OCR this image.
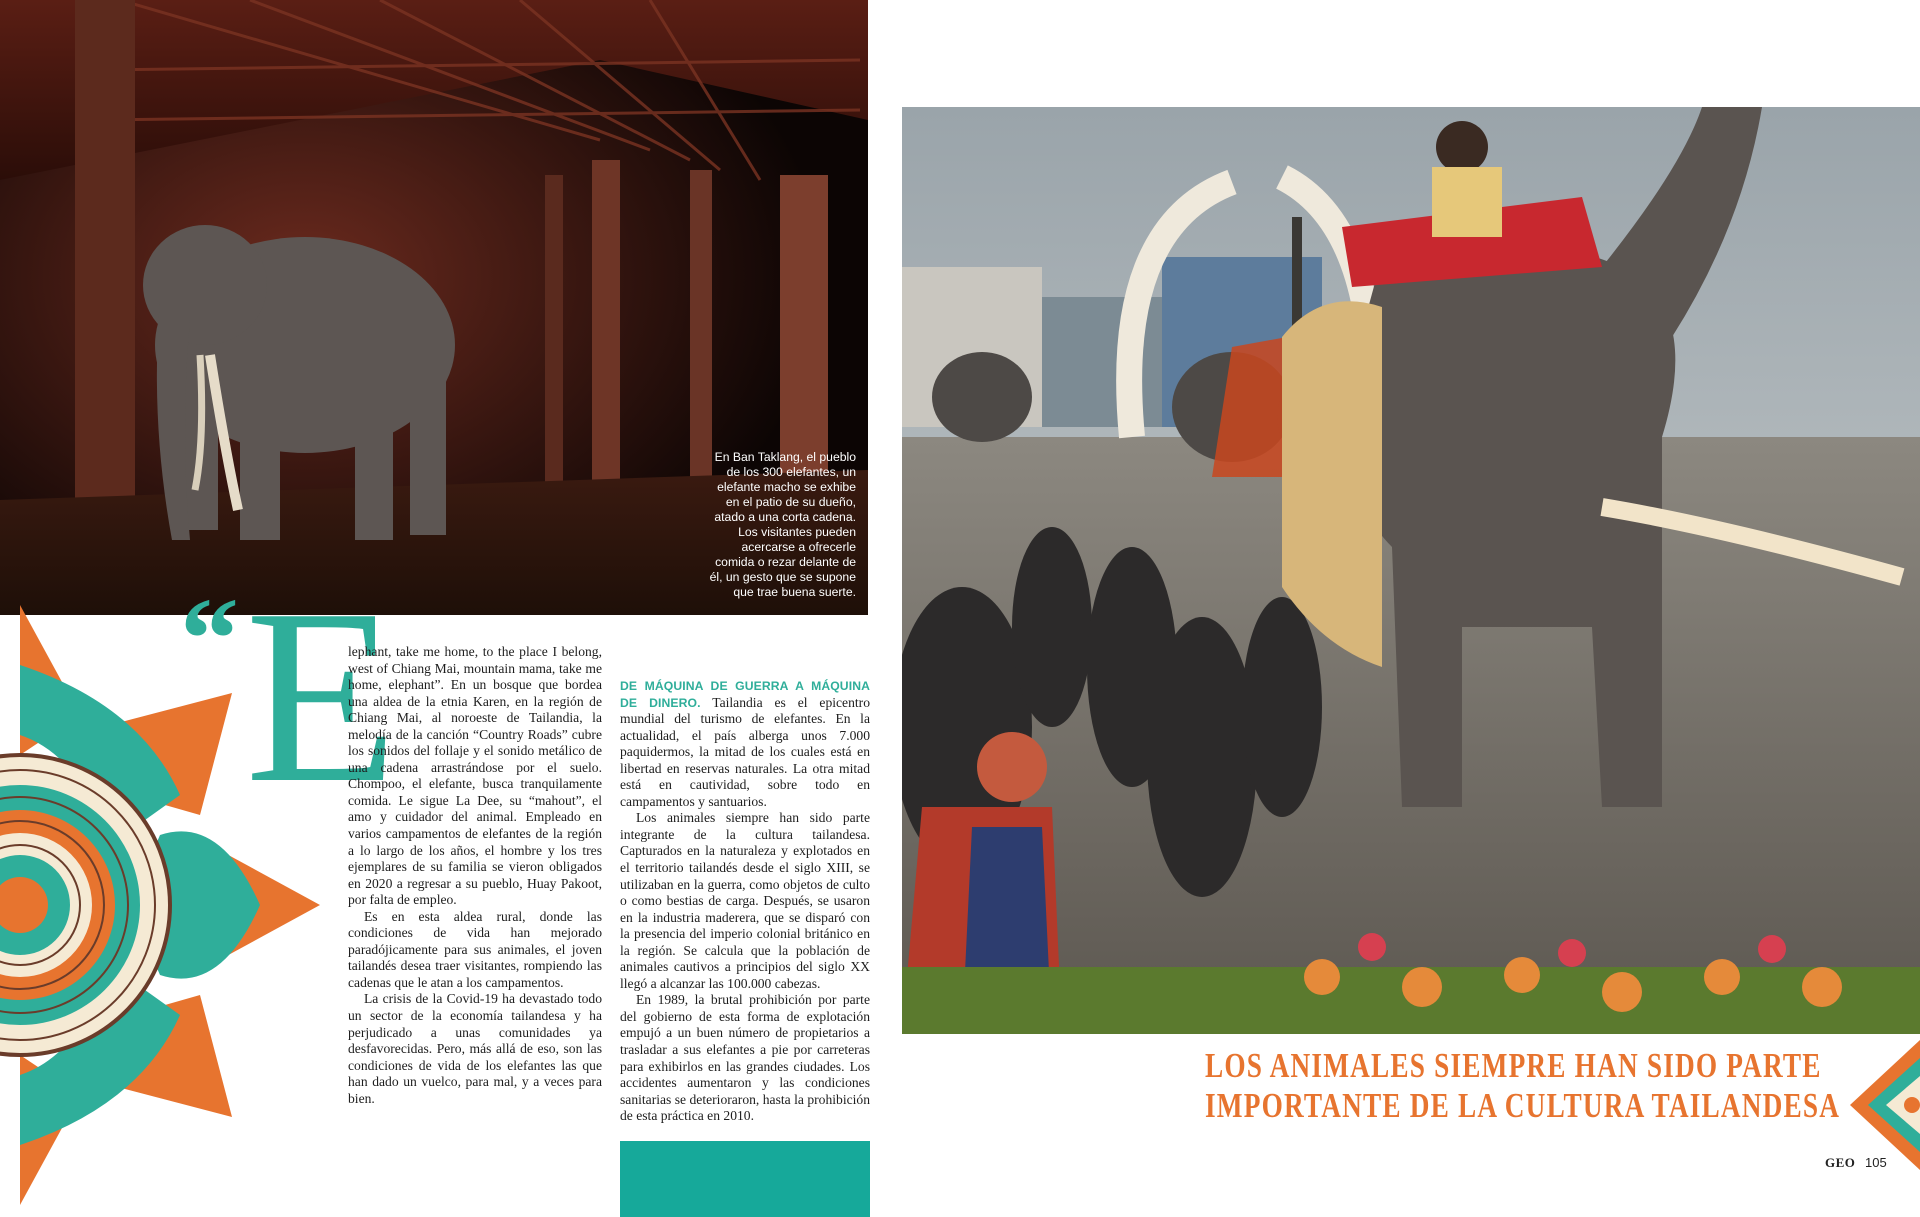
En Ban Taklang, el pueblo de los 300 elefantes, un elefante macho se exhibe en el patio de su dueño, atado a una corta cadena. Los visitantes pueden acercarse a ofrecerle comida o rezar delante de él, un gesto que se supone que trae buena suerte.
“ E

lephant, take me home, to the place I belong, west of Chiang Mai, mountain mama, take me home, elephant”. En un bosque que bordea una aldea de la etnia Karen, en la región de Chiang Mai, al noroeste de Tailandia, la melodía de la canción “Country Roads” cubre los sonidos del follaje y el sonido metálico de una cadena arrastrándose por el suelo. Chompoo, el elefante, busca tranquilamente comida. Le sigue La Dee, su “mahout”, el amo y cuidador del animal. Empleado en varios campamentos de elefantes de la región a lo largo de los años, el hombre y los tres ejemplares de su familia se vieron obligados en 2020 a regresar a su pueblo, Huay Pakoot, por falta de empleo.

Es en esta aldea rural, donde las condiciones de vida han mejorado paradójicamente para sus animales, el joven tailandés desea traer visitantes, rompiendo las cadenas que le atan a los campamentos.

La crisis de la Covid-19 ha devastado todo un sector de la economía tailandesa y ha perjudicado a unas comunidades ya desfavorecidas. Pero, más allá de eso, son las condiciones de vida de los elefantes las que han dado un vuelco, para mal, y a veces para bien.

DE MÁQUINA DE GUERRA A MÁQUINA DE DINERO. Tailandia es el epicentro mundial del turismo de elefantes. En la actualidad, el país alberga unos 7.000 paquidermos, la mitad de los cuales está en libertad en reservas naturales. La otra mitad está en cautividad, sobre todo en campamentos y santuarios.

Los animales siempre han sido parte integrante de la cultura tailandesa. Capturados en la naturaleza y explotados en el territorio tailandés desde el siglo XIII, se utilizaban en la guerra, como objetos de culto o como bestias de carga. Después, se usaron en la industria maderera, que se disparó con la presencia del imperio colonial británico en la región. Se calcula que la población de animales cautivos a principios del siglo XX llegó a alcanzar las 100.000 cabezas.

En 1989, la brutal prohibición por parte del gobierno de esta forma de explotación empujó a un buen número de propietarios a trasladar a sus elefantes a pie por carreteras para exhibirlos en las grandes ciudades. Los accidentes aumentaron y las condiciones sanitarias se deterioraron, hasta la prohibición de esta práctica en 2010.

LOS ANIMALES SIEMPRE HAN SIDO PARTE
IMPORTANTE DE LA CULTURA TAILANDESA
GEO 105
